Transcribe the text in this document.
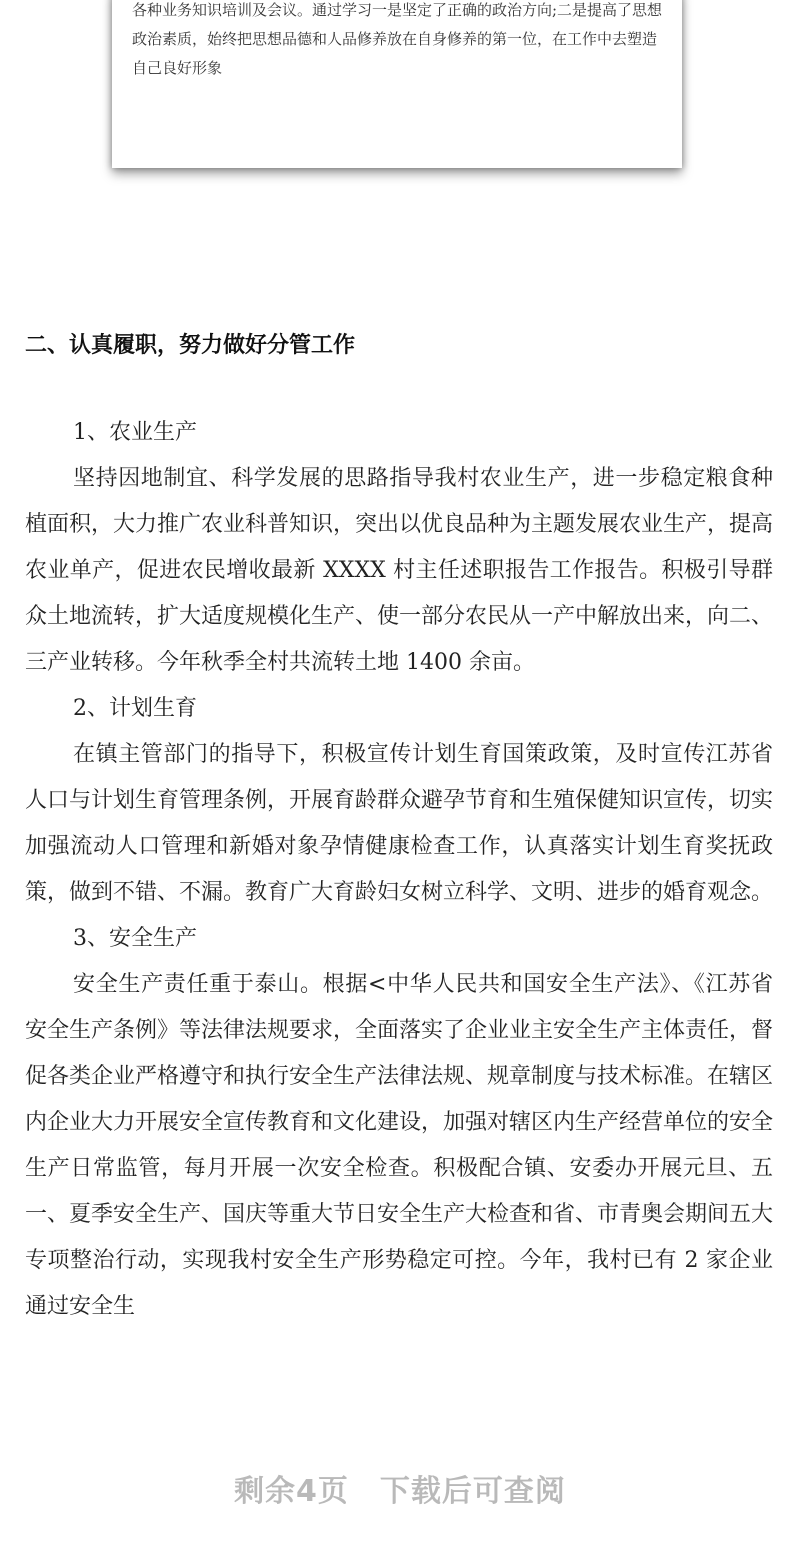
各种业务知识培训及会议。通过学习一是坚定了正确的政治方向;二是提高了思想政治素质，始终把思想品德和人品修养放在自身修养的第一位，在工作中去塑造自己良好形象

二、认真履职，努力做好分管工作

1、农业生产

坚持因地制宜、科学发展的思路指导我村农业生产，进一步稳定粮食种植面积，大力推广农业科普知识，突出以优良品种为主题发展农业生产，提高农业单产，促进农民增收最新 XXXX 村主任述职报告工作报告。积极引导群众土地流转，扩大适度规模化生产、使一部分农民从一产中解放出来，向二、三产业转移。今年秋季全村共流转土地 1400 余亩。

2、计划生育

在镇主管部门的指导下，积极宣传计划生育国策政策，及时宣传江苏省人口与计划生育管理条例，开展育龄群众避孕节育和生殖保健知识宣传，切实加强流动人口管理和新婚对象孕情健康检查工作，认真落实计划生育奖抚政策，做到不错、不漏。教育广大育龄妇女树立科学、文明、进步的婚育观念。

3、安全生产

安全生产责任重于泰山。根据<中华人民共和国安全生产法》、《江苏省安全生产条例》等法律法规要求，全面落实了企业业主安全生产主体责任，督促各类企业严格遵守和执行安全生产法律法规、规章制度与技术标准。在辖区内企业大力开展安全宣传教育和文化建设，加强对辖区内生产经营单位的安全生产日常监管，每月开展一次安全检查。积极配合镇、安委办开展元旦、五一、夏季安全生产、国庆等重大节日安全生产大检查和省、市青奥会期间五大专项整治行动，实现我村安全生产形势稳定可控。今年，我村已有 2 家企业通过安全生

剩余4页　下载后可查阅
